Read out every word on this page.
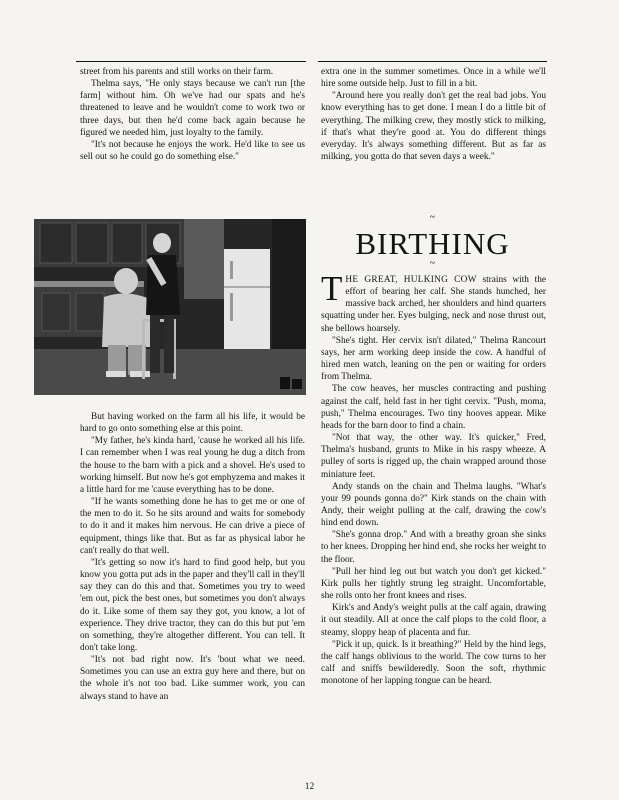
street from his parents and still works on their farm.

Thelma says, "He only stays because we can't run [the farm] without him. Oh we've had our spats and he's threatened to leave and he wouldn't come to work two or three days, but then he'd come back again because he figured we needed him, just loyalty to the family.

"It's not because he enjoys the work. He'd like to see us sell out so he could go do something else."

extra one in the summer sometimes. Once in a while we'll hire some outside help. Just to fill in a bit.

"Around here you really don't get the real bad jobs. You know everything has to get done. I mean I do a little bit of everything. The milking crew, they mostly stick to milking, if that's what they're good at. You do different things everyday. It's always something different. But as far as milking, you gotta do that seven days a week."

But having worked on the farm all his life, it would be hard to go onto something else at this point.

"My father, he's kinda hard, 'cause he worked all his life. I can remember when I was real young he dug a ditch from the house to the barn with a pick and a shovel. He's used to working himself. But now he's got emphyzema and makes it a little hard for me 'cause everything has to be done.

"If he wants something done he has to get me or one of the men to do it. So he sits around and waits for somebody to do it and it makes him nervous. He can drive a piece of equipment, things like that. But as far as physical labor he can't really do that well.

"It's getting so now it's hard to find good help, but you know you gotta put ads in the paper and they'll call in they'll say they can do this and that. Sometimes you try to weed 'em out, pick the best ones, but sometimes you don't always do it. Like some of them say they got, you know, a lot of experience. They drive tractor, they can do this but put 'em on something, they're altogether different. You can tell. It don't take long.

"It's not bad right now. It's 'bout what we need. Sometimes you can use an extra guy here and there, but on the whole it's not too bad. Like summer work, you can always stand to have an

~
BIRTHING
~

THE GREAT, HULKING COW strains with the effort of bearing her calf. She stands hunched, her massive back arched, her shoulders and hind quarters squatting under her. Eyes bulging, neck and nose thrust out, she bellows hoarsely.

"She's tight. Her cervix isn't dilated," Thelma Rancourt says, her arm working deep inside the cow. A handful of hired men watch, leaning on the pen or waiting for orders from Thelma.

The cow heaves, her muscles contracting and pushing against the calf, held fast in her tight cervix. "Push, moma, push," Thelma encourages. Two tiny hooves appear. Mike heads for the barn door to find a chain.

"Not that way, the other way. It's quicker," Fred, Thelma's husband, grunts to Mike in his raspy wheeze. A pulley of sorts is rigged up, the chain wrapped around those miniature feet.

Andy stands on the chain and Thelma laughs. "What's your 99 pounds gonna do?" Kirk stands on the chain with Andy, their weight pulling at the calf, drawing the cow's hind end down.

"She's gonna drop." And with a breathy groan she sinks to her knees. Dropping her hind end, she rocks her weight to the floor.

"Pull her hind leg out but watch you don't get kicked." Kirk pulls her tightly strung leg straight. Uncomfortable, she rolls onto her front knees and rises.

Kirk's and Andy's weight pulls at the calf again, drawing it out steadily. All at once the calf plops to the cold floor, a steamy, sloppy heap of placenta and fur.

"Pick it up, quick. Is it breathing?" Held by the hind legs, the calf hangs oblivious to the world. The cow turns to her calf and sniffs bewilderedly. Soon the soft, rhythmic monotone of her lapping tongue can be heard.

12
